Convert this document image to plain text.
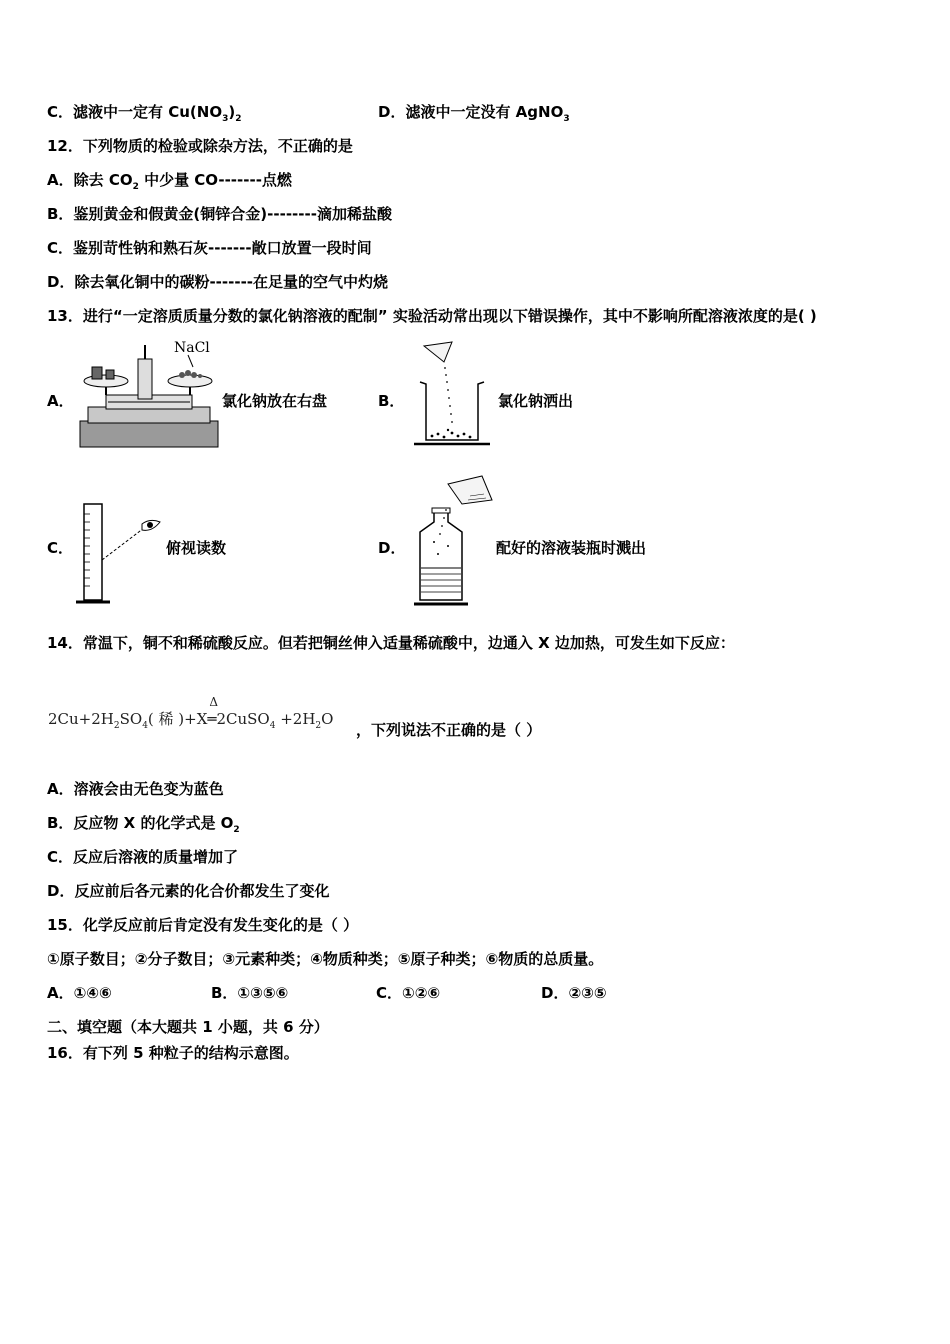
C．滤液中一定有 $Cu(NO_3)_2$	D．滤液中一定没有 AgNO$_3$
12．下列物质的检验或除杂方法，不正确的是
A．除去 $CO_2$ 中少量 CO-------点燃
B．鉴别黄金和假黄金(铜锌合金)--------滴加稀盐酸
C．鉴别苛性钠和熟石灰-------敞口放置一段时间
D．除去氧化铜中的碳粉-------在足量的空气中灼烧
13．进行“一定溶质质量分数的氯化钠溶液的配制” 实验活动常出现以下错误操作，其中不影响所配溶液浓度的是( )
A．
NaCl
氯化钠放在右盘	B．	氯化钠洒出
C．	俯视读数	D．	配好的溶液装瓶时溅出
14．常温下，铜不和稀硫酸反应。但若把铜丝伸入适量稀硫酸中，边通入 X 边加热，可发生如下反应：
$2Cu+2H_2SO_4$( 稀 )+X
Δ
═2CuSO$_4$ $+2H_2O$
，下列说法不正确的是（ ）
A．溶液会由无色变为蓝色
B．反应物 X 的化学式是 $O_2$
C．反应后溶液的质量增加了
D．反应前后各元素的化合价都发生了变化
15．化学反应前后肯定没有发生变化的是（ ）
①原子数目；②分子数目；③元素种类；④物质种类；⑤原子种类；⑥物质的总质量。
A．①④⑥	B．①③⑤⑥	C．①②⑥	D．②③⑤
二、填空题（本大题共 1 小题，共 6 分）
16．有下列 5 种粒子的结构示意图。
